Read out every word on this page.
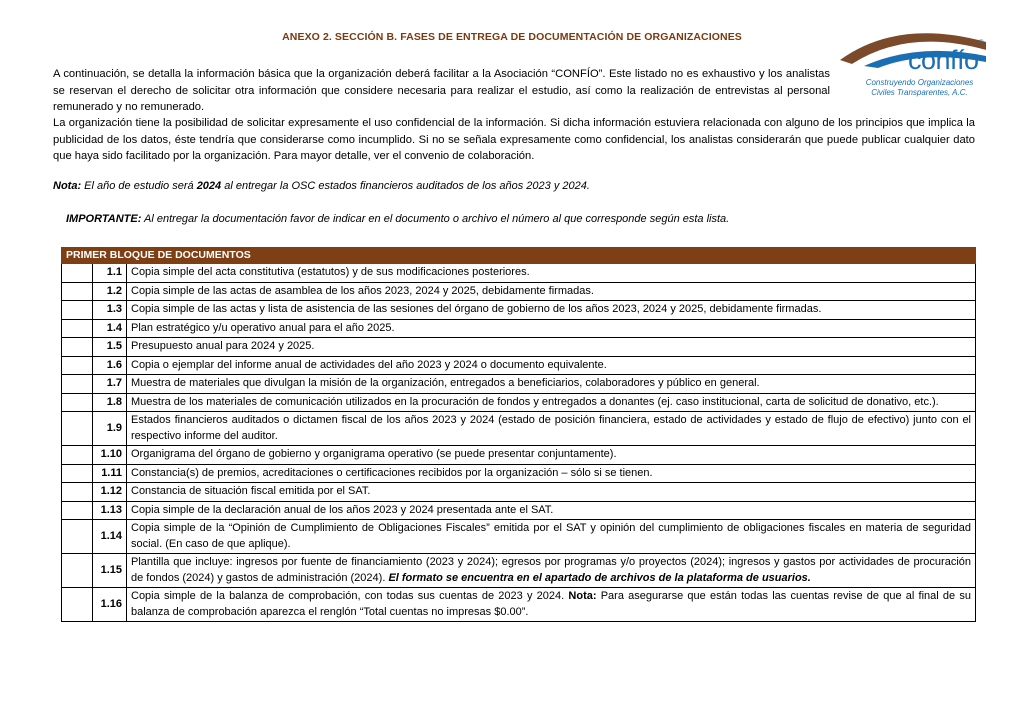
ANEXO 2. SECCIÓN B. FASES DE ENTREGA DE DOCUMENTACIÓN DE ORGANIZACIONES
confío
®
Construyendo Organizaciones
Civiles Transparentes, A.C.

A continuación, se detalla la información básica que la organización deberá facilitar a la Asociación “CONFÍO”. Este listado no es exhaustivo y los analistas se reservan el derecho de solicitar otra información que considere necesaria para realizar el estudio, así como la realización de entrevistas al personal remunerado y no remunerado.

La organización tiene la posibilidad de solicitar expresamente el uso confidencial de la información. Si dicha información estuviera relacionada con alguno de los principios que implica la publicidad de los datos, éste tendría que considerarse como incumplido. Si no se señala expresamente como confidencial, los analistas considerarán que puede publicar cualquier dato que haya sido facilitado por la organización. Para mayor detalle, ver el convenio de colaboración.

Nota: El año de estudio será 2024 al entregar la OSC estados financieros auditados de los años 2023 y 2024.
IMPORTANTE: Al entregar la documentación favor de indicar en el documento o archivo el número al que corresponde según esta lista.
PRIMER BLOQUE DE DOCUMENTOS		
	1.1	Copia simple del acta constitutiva (estatutos) y de sus modificaciones posteriores.
	1.2	Copia simple de las actas de asamblea de los años 2023, 2024 y 2025, debidamente firmadas.
	1.3	Copia simple de las actas y lista de asistencia de las sesiones del órgano de gobierno de los años 2023, 2024 y 2025, debidamente firmadas.
	1.4	Plan estratégico y/u operativo anual para el año 2025.
	1.5	Presupuesto anual para 2024 y 2025.
	1.6	Copia o ejemplar del informe anual de actividades del año 2023 y 2024 o documento equivalente.
	1.7	Muestra de materiales que divulgan la misión de la organización, entregados a beneficiarios, colaboradores y público en general.
	1.8	Muestra de los materiales de comunicación utilizados en la procuración de fondos y entregados a donantes (ej. caso institucional, carta de solicitud de donativo, etc.).
	1.9	Estados financieros auditados o dictamen fiscal de los años 2023 y 2024 (estado de posición financiera, estado de actividades y estado de flujo de efectivo) junto con el respectivo informe del auditor.
	1.10	Organigrama del órgano de gobierno y organigrama operativo (se puede presentar conjuntamente).
	1.11	Constancia(s) de premios, acreditaciones o certificaciones recibidos por la organización – sólo si se tienen.
	1.12	Constancia de situación fiscal emitida por el SAT.
	1.13	Copia simple de la declaración anual de los años 2023 y 2024 presentada ante el SAT.
	1.14	Copia simple de la “Opinión de Cumplimiento de Obligaciones Fiscales” emitida por el SAT y opinión del cumplimiento de obligaciones fiscales en materia de seguridad social. (En caso de que aplique).
	1.15	Plantilla que incluye: ingresos por fuente de financiamiento (2023 y 2024); egresos por programas y/o proyectos (2024); ingresos y gastos por actividades de procuración de fondos (2024) y gastos de administración (2024). El formato se encuentra en el apartado de archivos de la plataforma de usuarios.
	1.16	Copia simple de la balanza de comprobación, con todas sus cuentas de 2023 y 2024. Nota: Para asegurarse que están todas las cuentas revise de que al final de su balanza de comprobación aparezca el renglón “Total cuentas no impresas $0.00”.
